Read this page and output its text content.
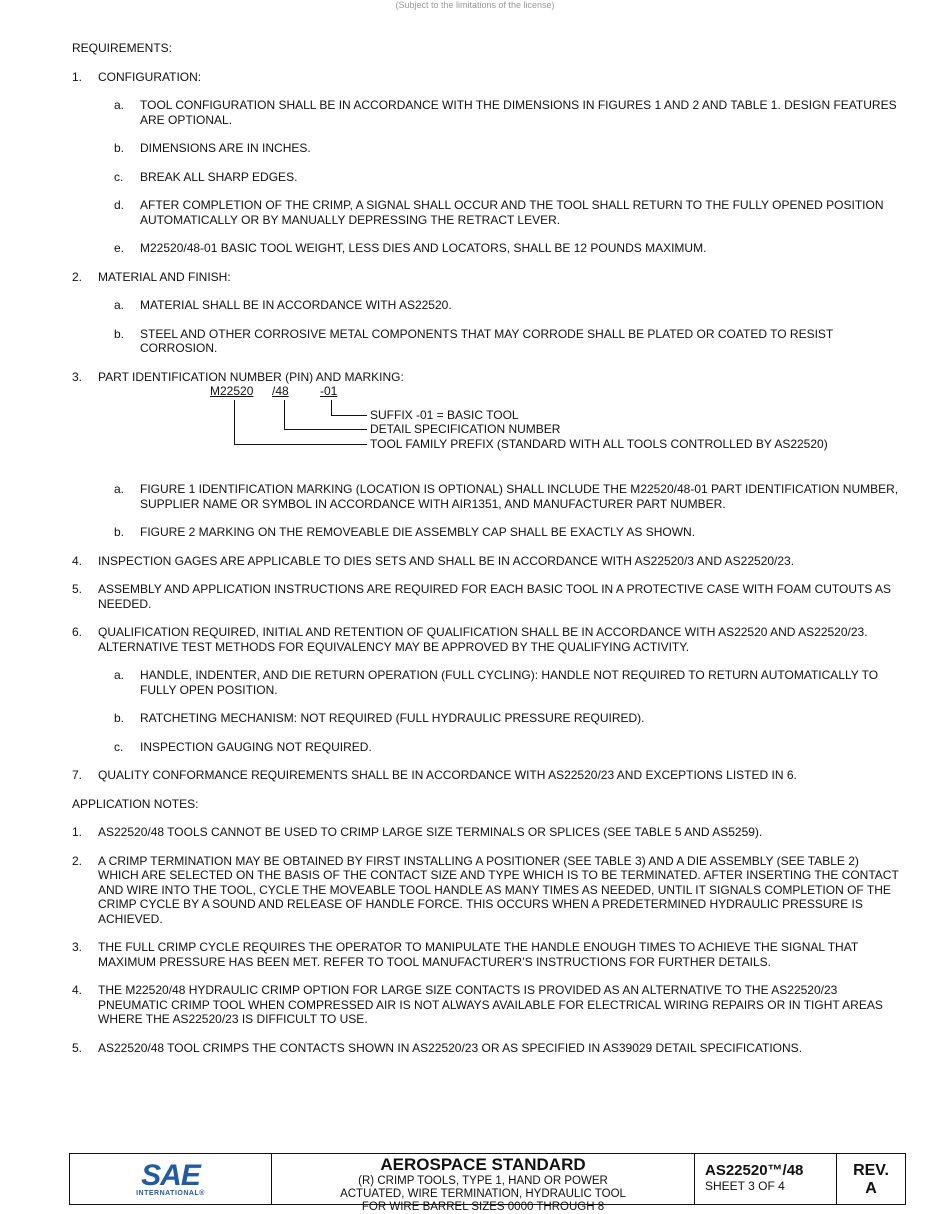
(Subject to the limitations of the license)
REQUIREMENTS:
1.	CONFIGURATION:
a.	TOOL CONFIGURATION SHALL BE IN ACCORDANCE WITH THE DIMENSIONS IN FIGURES 1 AND 2 AND TABLE 1. DESIGN FEATURES ARE OPTIONAL.
b.	DIMENSIONS ARE IN INCHES.
c.	BREAK ALL SHARP EDGES.
d.	AFTER COMPLETION OF THE CRIMP, A SIGNAL SHALL OCCUR AND THE TOOL SHALL RETURN TO THE FULLY OPENED POSITION AUTOMATICALLY OR BY MANUALLY DEPRESSING THE RETRACT LEVER.
e.	M22520/48-01 BASIC TOOL WEIGHT, LESS DIES AND LOCATORS, SHALL BE 12 POUNDS MAXIMUM.
2.	MATERIAL AND FINISH:
a.	MATERIAL SHALL BE IN ACCORDANCE WITH AS22520.
b.	STEEL AND OTHER CORROSIVE METAL COMPONENTS THAT MAY CORRODE SHALL BE PLATED OR COATED TO RESIST CORROSION.
3.	PART IDENTIFICATION NUMBER (PIN) AND MARKING:
M22520 /48	-01
SUFFIX -01 = BASIC TOOL
DETAIL SPECIFICATION NUMBER
TOOL FAMILY PREFIX (STANDARD WITH ALL TOOLS CONTROLLED BY AS22520)
a.	FIGURE 1 IDENTIFICATION MARKING (LOCATION IS OPTIONAL) SHALL INCLUDE THE M22520/48-01 PART IDENTIFICATION NUMBER, SUPPLIER NAME OR SYMBOL IN ACCORDANCE WITH AIR1351, AND MANUFACTURER PART NUMBER.
b.	FIGURE 2 MARKING ON THE REMOVEABLE DIE ASSEMBLY CAP SHALL BE EXACTLY AS SHOWN.
4.	INSPECTION GAGES ARE APPLICABLE TO DIES SETS AND SHALL BE IN ACCORDANCE WITH AS22520/3 AND AS22520/23.
5.	ASSEMBLY AND APPLICATION INSTRUCTIONS ARE REQUIRED FOR EACH BASIC TOOL IN A PROTECTIVE CASE WITH FOAM CUTOUTS AS NEEDED.
6.	QUALIFICATION REQUIRED, INITIAL AND RETENTION OF QUALIFICATION SHALL BE IN ACCORDANCE WITH AS22520 AND AS22520/23. ALTERNATIVE TEST METHODS FOR EQUIVALENCY MAY BE APPROVED BY THE QUALIFYING ACTIVITY.
a.	HANDLE, INDENTER, AND DIE RETURN OPERATION (FULL CYCLING): HANDLE NOT REQUIRED TO RETURN AUTOMATICALLY TO FULLY OPEN POSITION.
b.	RATCHETING MECHANISM: NOT REQUIRED (FULL HYDRAULIC PRESSURE REQUIRED).
c.	INSPECTION GAUGING NOT REQUIRED.
7.	QUALITY CONFORMANCE REQUIREMENTS SHALL BE IN ACCORDANCE WITH AS22520/23 AND EXCEPTIONS LISTED IN 6.
APPLICATION NOTES:
1.	AS22520/48 TOOLS CANNOT BE USED TO CRIMP LARGE SIZE TERMINALS OR SPLICES (SEE TABLE 5 AND AS5259).
2.	A CRIMP TERMINATION MAY BE OBTAINED BY FIRST INSTALLING A POSITIONER (SEE TABLE 3) AND A DIE ASSEMBLY (SEE TABLE 2) WHICH ARE SELECTED ON THE BASIS OF THE CONTACT SIZE AND TYPE WHICH IS TO BE TERMINATED. AFTER INSERTING THE CONTACT AND WIRE INTO THE TOOL, CYCLE THE MOVEABLE TOOL HANDLE AS MANY TIMES AS NEEDED, UNTIL IT SIGNALS COMPLETION OF THE CRIMP CYCLE BY A SOUND AND RELEASE OF HANDLE FORCE. THIS OCCURS WHEN A PREDETERMINED HYDRAULIC PRESSURE IS ACHIEVED.
3.	THE FULL CRIMP CYCLE REQUIRES THE OPERATOR TO MANIPULATE THE HANDLE ENOUGH TIMES TO ACHIEVE THE SIGNAL THAT MAXIMUM PRESSURE HAS BEEN MET. REFER TO TOOL MANUFACTURER’S INSTRUCTIONS FOR FURTHER DETAILS.
4.	THE M22520/48 HYDRAULIC CRIMP OPTION FOR LARGE SIZE CONTACTS IS PROVIDED AS AN ALTERNATIVE TO THE AS22520/23 PNEUMATIC CRIMP TOOL WHEN COMPRESSED AIR IS NOT ALWAYS AVAILABLE FOR ELECTRICAL WIRING REPAIRS OR IN TIGHT AREAS WHERE THE AS22520/23 IS DIFFICULT TO USE.
5.	AS22520/48 TOOL CRIMPS THE CONTACTS SHOWN IN AS22520/23 OR AS SPECIFIED IN AS39029 DETAIL SPECIFICATIONS.
SAE
INTERNATIONAL®
AEROSPACE STANDARD
(R) CRIMP TOOLS, TYPE 1, HAND OR POWER
ACTUATED, WIRE TERMINATION, HYDRAULIC TOOL
FOR WIRE BARREL SIZES 0000 THROUGH 8
AS22520™/48
SHEET 3 OF 4
REV.
A
